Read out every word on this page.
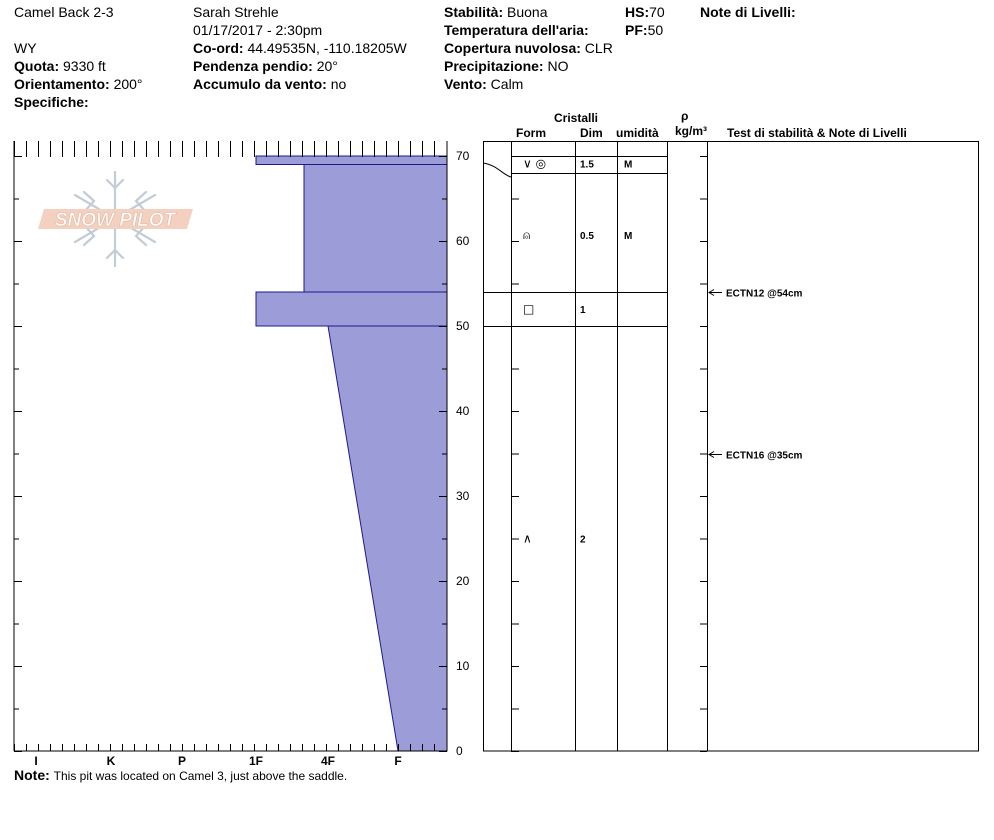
Camel Back 2-3
WY
Quota: 9330 ft
Orientamento: 200°
Specifiche:
Sarah Strehle
01/17/2017 - 2:30pm
Co-ord: 44.49535N, -110.18205W
Pendenza pendio: 20°
Accumulo da vento: no
Stabilità: Buona
Temperatura dell'aria:
Copertura nuvolosa: CLR
Precipitazione: NO
Vento: Calm
HS:70
PF:50
Note di Livelli:
Cristalli
Form	Dim umidità
ρ
kg/m³ Test di stabilità & Note di Livelli
SNOW PILOT
0
10
20
30
40
50
60
70
I	K	P	1F	4F	F
∨ ◎	1.5	M
⍝	0.5	M
□	1
∧	2
ECTN12 @54cm
ECTN16 @35cm
Note: This pit was located on Camel 3, just above the saddle.
